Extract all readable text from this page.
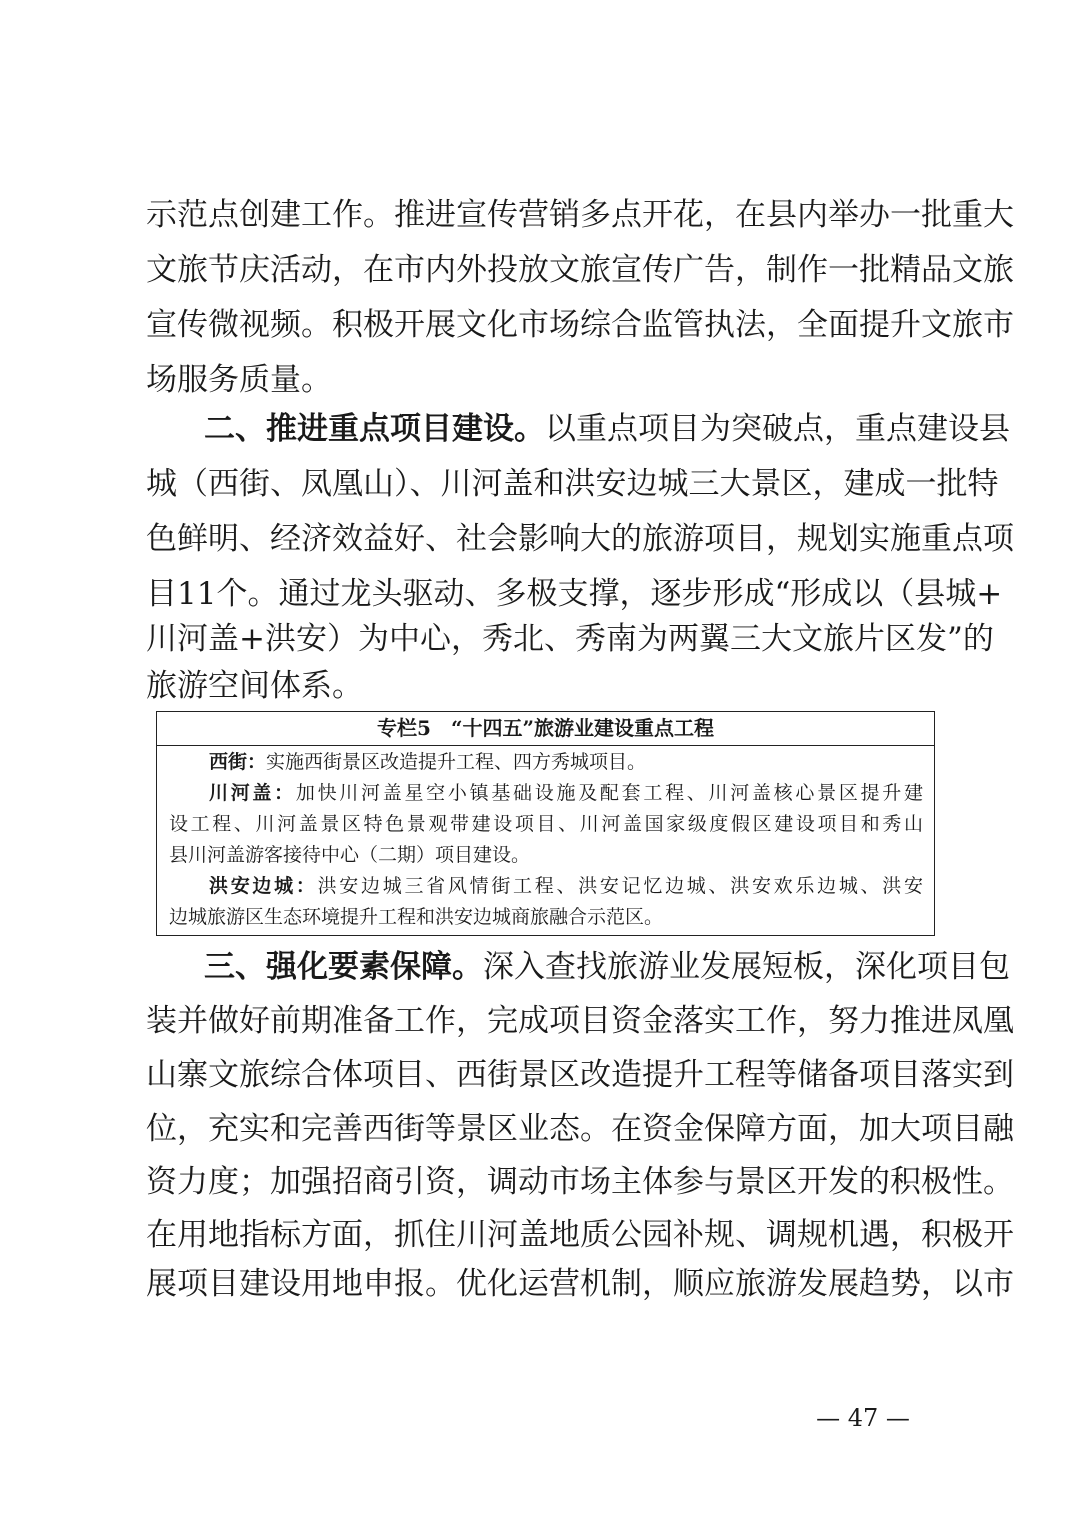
示范点创建工作。推进宣传营销多点开花，在县内举办一批重大
文旅节庆活动，在市内外投放文旅宣传广告，制作一批精品文旅
宣传微视频。积极开展文化市场综合监管执法，全面提升文旅市
场服务质量。
二、推进重点项目建设。以重点项目为突破点，重点建设县
城（西街、凤凰山）、川河盖和洪安边城三大景区，建成一批特
色鲜明、经济效益好、社会影响大的旅游项目，规划实施重点项
目11个。通过龙头驱动、多极支撑，逐步形成“形成以（县城+
川河盖+洪安）为中心，秀北、秀南为两翼三大文旅片区发”的
旅游空间体系。
专栏5　“十四五”旅游业建设重点工程
西街：实施西街景区改造提升工程、四方秀城项目。
川河盖：加快川河盖星空小镇基础设施及配套工程、川河盖核心景区提升建
设工程、川河盖景区特色景观带建设项目、川河盖国家级度假区建设项目和秀山
县川河盖游客接待中心（二期）项目建设。
洪安边城：洪安边城三省风情街工程、洪安记忆边城、洪安欢乐边城、洪安
边城旅游区生态环境提升工程和洪安边城商旅融合示范区。
三、强化要素保障。深入查找旅游业发展短板，深化项目包
装并做好前期准备工作，完成项目资金落实工作，努力推进凤凰
山寨文旅综合体项目、西街景区改造提升工程等储备项目落实到
位，充实和完善西街等景区业态。在资金保障方面，加大项目融
资力度；加强招商引资，调动市场主体参与景区开发的积极性。
在用地指标方面，抓住川河盖地质公园补规、调规机遇，积极开
展项目建设用地申报。优化运营机制，顺应旅游发展趋势，以市
— 47 —
